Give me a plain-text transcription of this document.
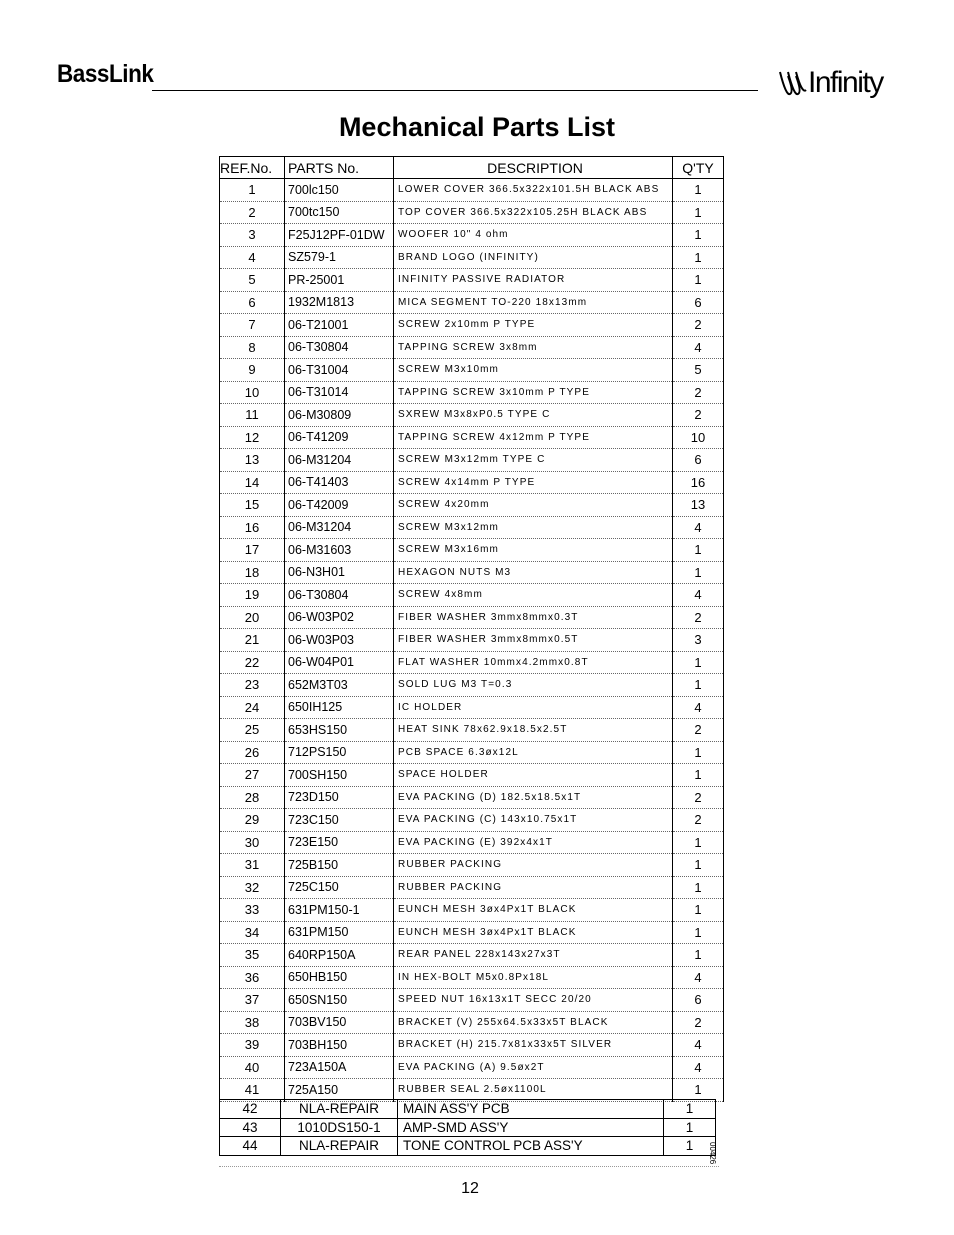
BassLink	Infinity
Mechanical Parts List
REF.No.	PARTS No.	DESCRIPTION	Q'TY
1	700lc150	LOWER COVER 366.5x322x101.5H BLACK ABS	1
2	700tc150	TOP COVER 366.5x322x105.25H BLACK ABS	1
3	F25J12PF-01DW	WOOFER 10" 4 ohm	1
4	SZ579-1	BRAND LOGO (INFINITY)	1
5	PR-25001	INFINITY PASSIVE RADIATOR	1
6	1932M1813	MICA SEGMENT TO-220 18x13mm	6
7	06-T21001	SCREW 2x10mm P TYPE	2
8	06-T30804	TAPPING SCREW 3x8mm	4
9	06-T31004	SCREW M3x10mm	5
10	06-T31014	TAPPING SCREW 3x10mm P TYPE	2
11	06-M30809	SXREW M3x8xP0.5 TYPE C	2
12	06-T41209	TAPPING SCREW 4x12mm P TYPE	10
13	06-M31204	SCREW M3x12mm TYPE C	6
14	06-T41403	SCREW 4x14mm P TYPE	16
15	06-T42009	SCREW 4x20mm	13
16	06-M31204	SCREW M3x12mm	4
17	06-M31603	SCREW M3x16mm	1
18	06-N3H01	HEXAGON NUTS M3	1
19	06-T30804	SCREW 4x8mm	4
20	06-W03P02	FIBER WASHER 3mmx8mmx0.3T	2
21	06-W03P03	FIBER WASHER 3mmx8mmx0.5T	3
22	06-W04P01	FLAT WASHER 10mmx4.2mmx0.8T	1
23	652M3T03	SOLD LUG M3 T=0.3	1
24	650IH125	IC HOLDER	4
25	653HS150	HEAT SINK 78x62.9x18.5x2.5T	2
26	712PS150	PCB SPACE 6.3øx12L	1
27	700SH150	SPACE HOLDER	1
28	723D150	EVA PACKING (D) 182.5x18.5x1T	2
29	723C150	EVA PACKING (C) 143x10.75x1T	2
30	723E150	EVA PACKING (E) 392x4x1T	1
31	725B150	RUBBER PACKING	1
32	725C150	RUBBER PACKING	1
33	631PM150-1	EUNCH MESH 3øx4Px1T BLACK	1
34	631PM150	EUNCH MESH 3øx4Px1T BLACK	1
35	640RP150A	REAR PANEL 228x143x27x3T	1
36	650HB150	IN HEX-BOLT M5x0.8Px18L	4
37	650SN150	SPEED NUT 16x13x1T SECC 20/20	6
38	703BV150	BRACKET (V) 255x64.5x33x5T BLACK	2
39	703BH150	BRACKET (H) 215.7x81x33x5T SILVER	4
40	723A150A	EVA PACKING (A) 9.5øx2T	4
41	725A150	RUBBER SEAL 2.5øx1100L	1
42	NLA-REPAIR	MAIN ASS'Y PCB	1
43	1010DS150-1	AMP-SMD ASS'Y	1
44	NLA-REPAIR	TONE CONTROL PCB ASS'Y	1 00426
12
